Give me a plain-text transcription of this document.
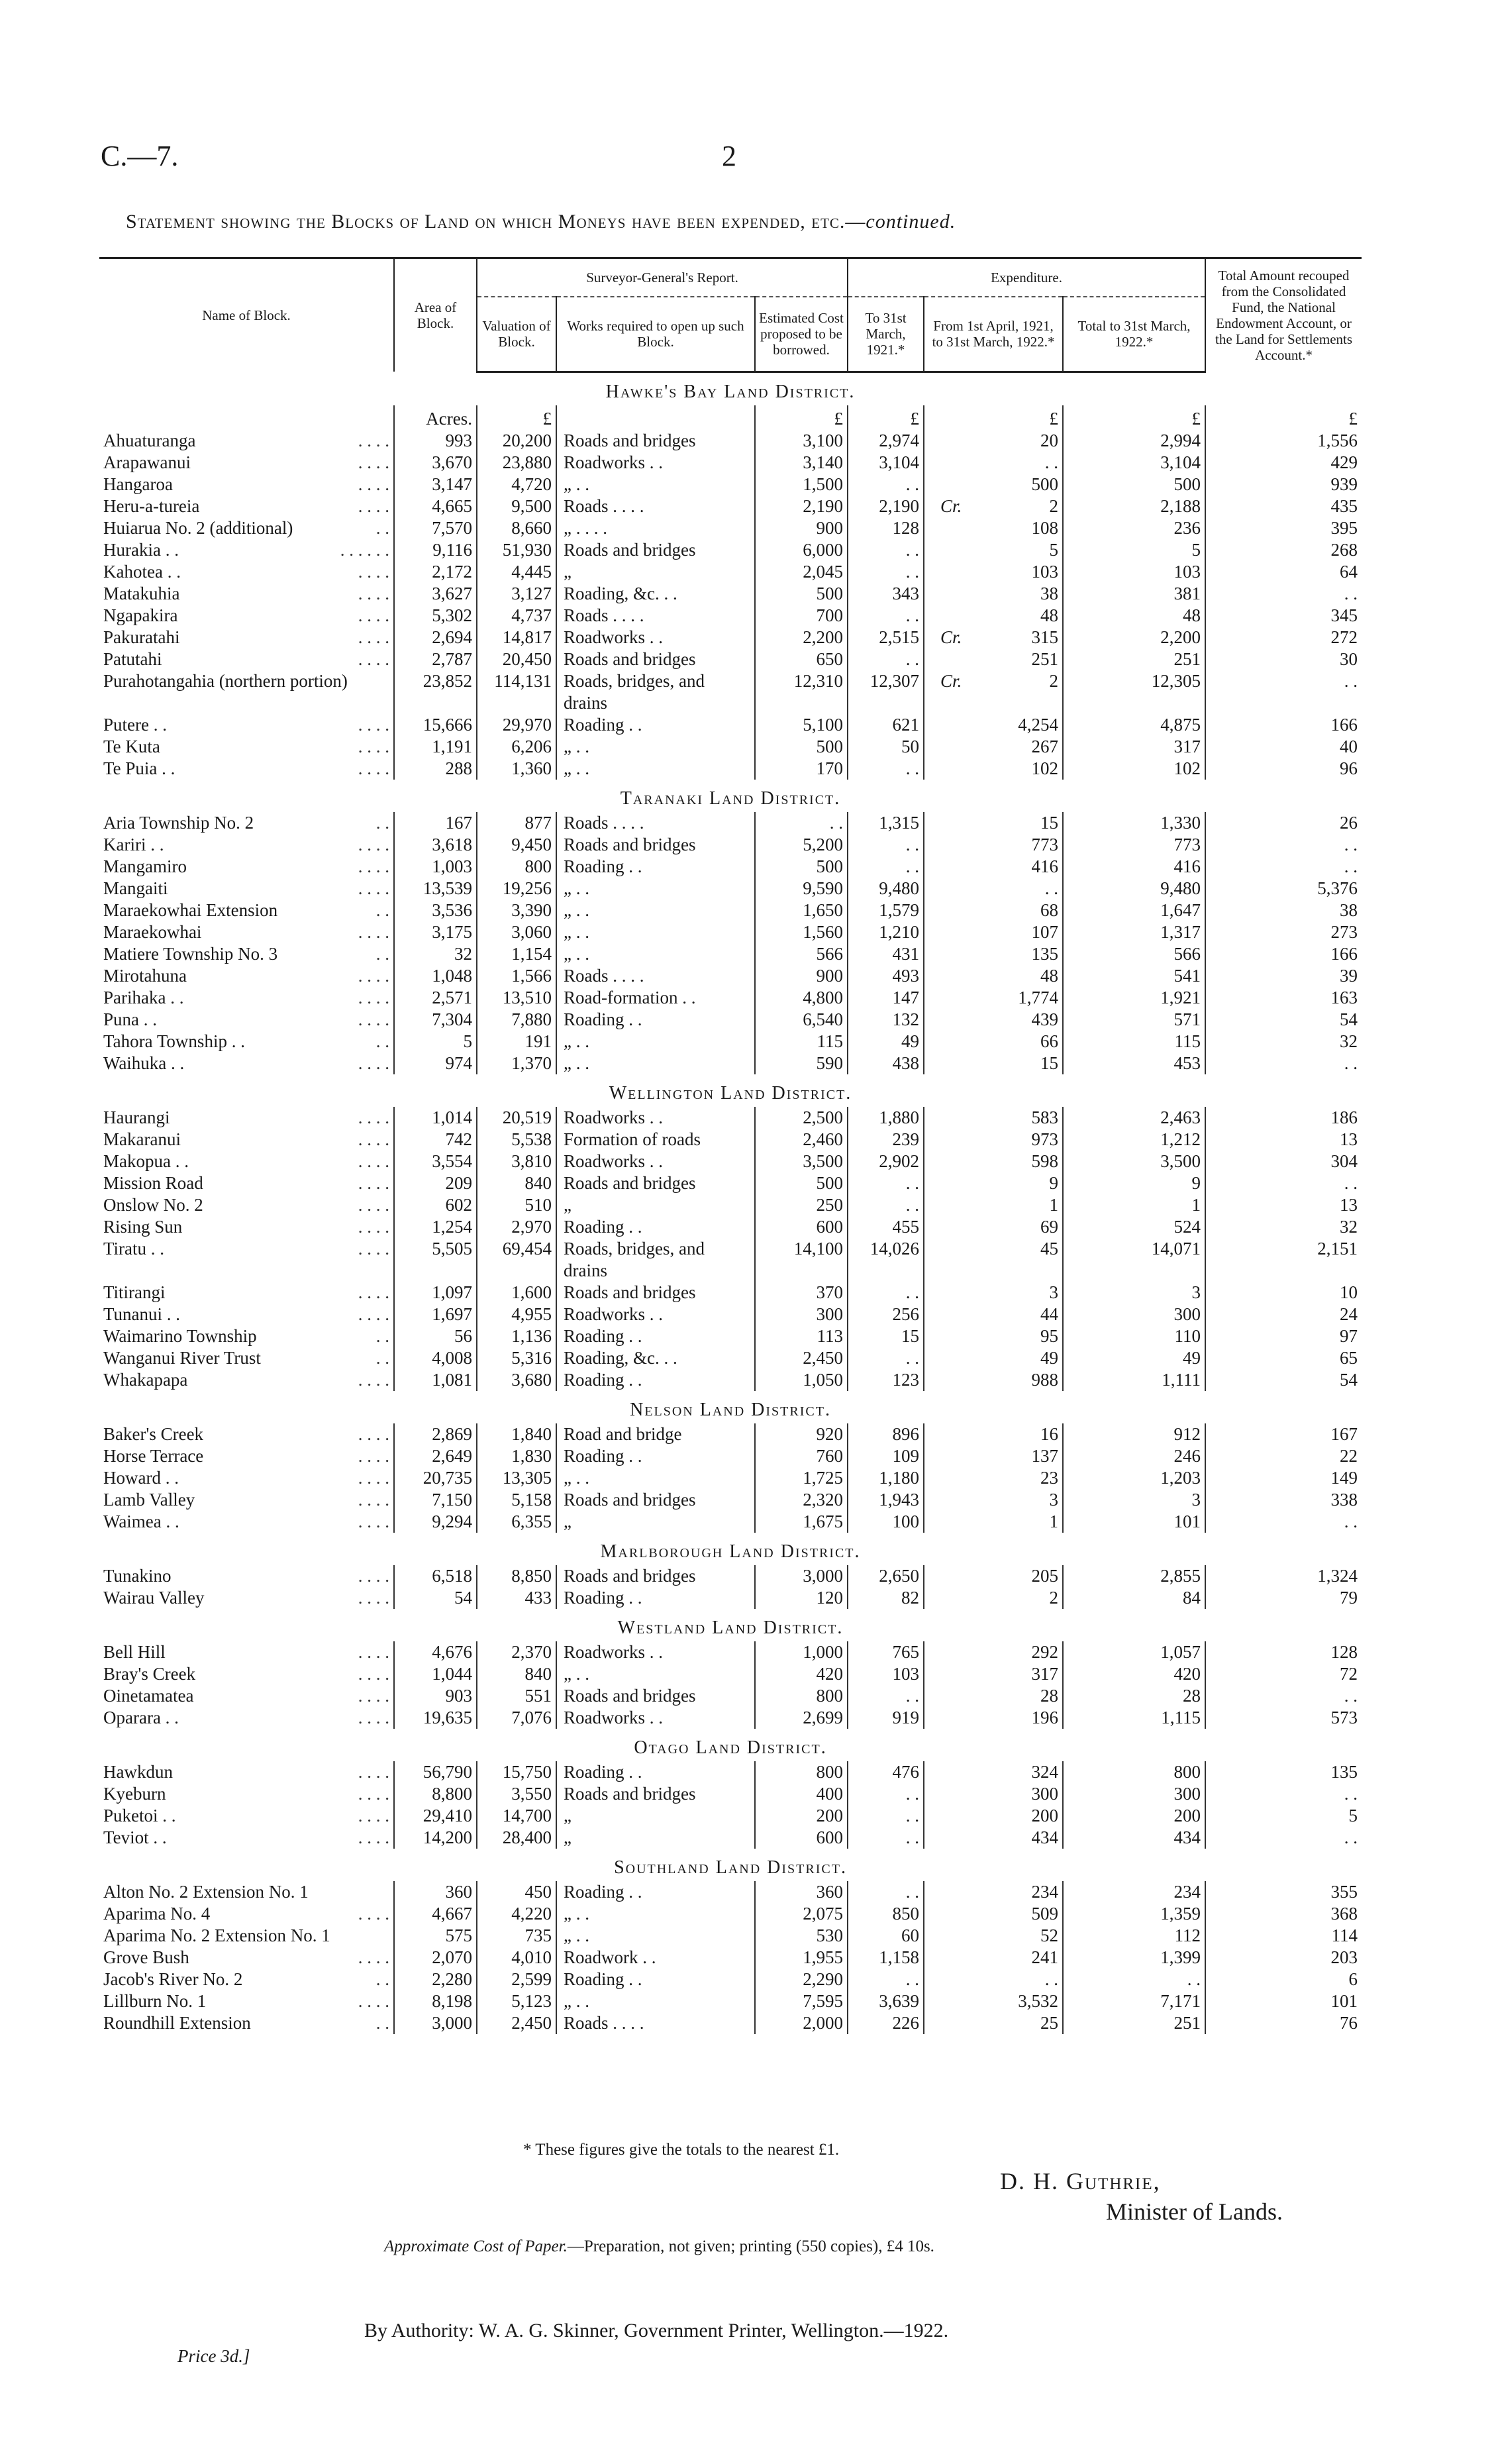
C.—7.	2
Statement showing the Blocks of Land on which Moneys have been expended, etc.—continued.
Name of Block.	Area of Block.	Surveyor-General's Report.			Expenditure.			Total Amount recouped from the Consolidated Fund, the National Endowment Account, or the Land for Settlements Account.*
		Valuation of Block.	Works required to open up such Block.	Estimated Cost proposed to be borrowed.	To 31st March, 1921.*	From 1st April, 1921, to 31st March, 1922.*	Total to 31st March, 1922.*	
Hawke's Bay Land District.								
	Acres.	£		£	£	£	£	£
Ahuaturanga . . . .	993	20,200	Roads and bridges	3,100	2,974	20	2,994	1,556
Arapawanui . . . .	3,670	23,880	Roadworks . .	3,140	3,104	. .	3,104	429
Hangaroa . . . .	3,147	4,720	„ . .	1,500	. .	500	500	939
Heru-a-tureia . . . .	4,665	9,500	Roads . . . .	2,190	2,190	Cr. 2	2,188	435
Huiarua No. 2 (additional) . .	7,570	8,660	„ . . . .	900	128	108	236	395
Hurakia . . . . . . . .	9,116	51,930	Roads and bridges	6,000	. .	5	5	268
Kahotea . . . . . .	2,172	4,445	„	2,045	. .	103	103	64
Matakuhia . . . .	3,627	3,127	Roading, &c. . .	500	343	38	381	. .
Ngapakira . . . .	5,302	4,737	Roads . . . .	700	. .	48	48	345
Pakuratahi . . . .	2,694	14,817	Roadworks . .	2,200	2,515	Cr. 315	2,200	272
Patutahi . . . .	2,787	20,450	Roads and bridges	650	. .	251	251	30
Purahotangahia (northern portion)	23,852	114,131	Roads, bridges, and drains	12,310	12,307	Cr. 2	12,305	. .
Putere . . . . . .	15,666	29,970	Roading . .	5,100	621	4,254	4,875	166
Te Kuta . . . .	1,191	6,206	„ . .	500	50	267	317	40
Te Puia . . . . . .	288	1,360	„ . .	170	. .	102	102	96
Taranaki Land District.								
Aria Township No. 2 . .	167	877	Roads . . . .	. .	1,315	15	1,330	26
Kariri . . . . . .	3,618	9,450	Roads and bridges	5,200	. .	773	773	. .
Mangamiro . . . .	1,003	800	Roading . .	500	. .	416	416	. .
Mangaiti . . . .	13,539	19,256	„ . .	9,590	9,480	. .	9,480	5,376
Maraekowhai Extension . .	3,536	3,390	„ . .	1,650	1,579	68	1,647	38
Maraekowhai . . . .	3,175	3,060	„ . .	1,560	1,210	107	1,317	273
Matiere Township No. 3 . .	32	1,154	„ . .	566	431	135	566	166
Mirotahuna . . . .	1,048	1,566	Roads . . . .	900	493	48	541	39
Parihaka . . . . . .	2,571	13,510	Road-formation . .	4,800	147	1,774	1,921	163
Puna . . . . . .	7,304	7,880	Roading . .	6,540	132	439	571	54
Tahora Township . . . .	5	191	„ . .	115	49	66	115	32
Waihuka . . . . . .	974	1,370	„ . .	590	438	15	453	. .
Wellington Land District.								
Haurangi . . . .	1,014	20,519	Roadworks . .	2,500	1,880	583	2,463	186
Makaranui . . . .	742	5,538	Formation of roads	2,460	239	973	1,212	13
Makopua . . . . . .	3,554	3,810	Roadworks . .	3,500	2,902	598	3,500	304
Mission Road . . . .	209	840	Roads and bridges	500	. .	9	9	. .
Onslow No. 2 . . . .	602	510	„	250	. .	1	1	13
Rising Sun . . . .	1,254	2,970	Roading . .	600	455	69	524	32
Tiratu . . . . . .	5,505	69,454	Roads, bridges, and drains	14,100	14,026	45	14,071	2,151
Titirangi . . . .	1,097	1,600	Roads and bridges	370	. .	3	3	10
Tunanui . . . . . .	1,697	4,955	Roadworks . .	300	256	44	300	24
Waimarino Township . .	56	1,136	Roading . .	113	15	95	110	97
Wanganui River Trust . .	4,008	5,316	Roading, &c. . .	2,450	. .	49	49	65
Whakapapa . . . .	1,081	3,680	Roading . .	1,050	123	988	1,111	54
Nelson Land District.								
Baker's Creek . . . .	2,869	1,840	Road and bridge	920	896	16	912	167
Horse Terrace . . . .	2,649	1,830	Roading . .	760	109	137	246	22
Howard . . . . . .	20,735	13,305	„ . .	1,725	1,180	23	1,203	149
Lamb Valley . . . .	7,150	5,158	Roads and bridges	2,320	1,943	3	3	338
Waimea . . . . . .	9,294	6,355	„	1,675	100	1	101	. .
Marlborough Land District.								
Tunakino . . . .	6,518	8,850	Roads and bridges	3,000	2,650	205	2,855	1,324
Wairau Valley . . . .	54	433	Roading . .	120	82	2	84	79
Westland Land District.								
Bell Hill . . . .	4,676	2,370	Roadworks . .	1,000	765	292	1,057	128
Bray's Creek . . . .	1,044	840	„ . .	420	103	317	420	72
Oinetamatea . . . .	903	551	Roads and bridges	800	. .	28	28	. .
Oparara . . . . . .	19,635	7,076	Roadworks . .	2,699	919	196	1,115	573
Otago Land District.								
Hawkdun . . . .	56,790	15,750	Roading . .	800	476	324	800	135
Kyeburn . . . .	8,800	3,550	Roads and bridges	400	. .	300	300	. .
Puketoi . . . . . .	29,410	14,700	„	200	. .	200	200	5
Teviot . . . . . .	14,200	28,400	„	600	. .	434	434	. .
Southland Land District.								
Alton No. 2 Extension No. 1	360	450	Roading . .	360	. .	234	234	355
Aparima No. 4 . . . .	4,667	4,220	„ . .	2,075	850	509	1,359	368
Aparima No. 2 Extension No. 1	575	735	„ . .	530	60	52	112	114
Grove Bush . . . .	2,070	4,010	Roadwork . .	1,955	1,158	241	1,399	203
Jacob's River No. 2 . .	2,280	2,599	Roading . .	2,290	. .	. .	. .	6
Lillburn No. 1 . . . .	8,198	5,123	„ . .	7,595	3,639	3,532	7,171	101
Roundhill Extension . .	3,000	2,450	Roads . . . .	2,000	226	25	251	76
* These figures give the totals to the nearest £1.
D. H. Guthrie,
Minister of Lands.
Approximate Cost of Paper.—Preparation, not given; printing (550 copies), £4 10s.
By Authority: W. A. G. Skinner, Government Printer, Wellington.—1922.
Price 3d.]
